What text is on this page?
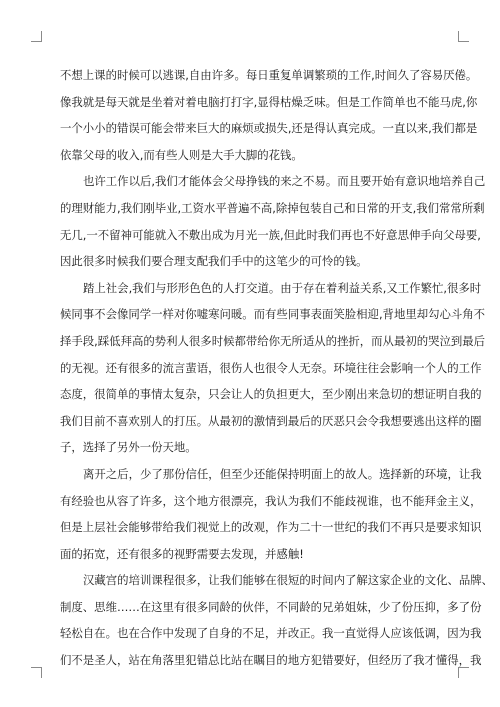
不想上课的时候可以逃课,自由许多。每日重复单调繁琐的工作,时间久了容易厌倦。
像我就是每天就是坐着对着电脑打打字,显得枯燥乏味。但是工作简单也不能马虎,你
一个小小的错误可能会带来巨大的麻烦或损失,还是得认真完成。一直以来,我们都是
依靠父母的收入,而有些人则是大手大脚的花钱。
也许工作以后,我们才能体会父母挣钱的来之不易。而且要开始有意识地培养自己
的理财能力,我们刚毕业,工资水平普遍不高,除掉包装自己和日常的开支,我们常常所剩
无几,一不留神可能就入不敷出成为月光一族,但此时我们再也不好意思伸手向父母要,
因此很多时候我们要合理支配我们手中的这笔少的可怜的钱。
踏上社会,我们与形形色色的人打交道。由于存在着利益关系,又工作繁忙,很多时
候同事不会像同学一样对你嘘寒问暖。而有些同事表面笑脸相迎,背地里却勾心斗角不
择手段,踩低拜高的势利人很多时候都带给你无所适从的挫折，而从最初的哭泣到最后
的无视。还有很多的流言蜚语，很伤人也很令人无奈。环境往往会影响一个人的工作
态度，很简单的事情太复杂，只会让人的负担更大，至少刚出来急切的想证明自我的
我们目前不喜欢别人的打压。从最初的激情到最后的厌恶只会令我想要逃出这样的圈
子，选择了另外一份天地。
离开之后，少了那份信任，但至少还能保持明面上的故人。选择新的环境，让我
有经验也从容了许多，这个地方很漂亮，我认为我们不能歧视谁，也不能拜金主义，
但是上层社会能够带给我们视觉上的改观，作为二十一世纪的我们不再只是要求知识
面的拓宽，还有很多的视野需要去发现，并感触!
汉藏宫的培训课程很多，让我们能够在很短的时间内了解这家企业的文化、品牌、
制度、思维……在这里有很多同龄的伙伴，不同龄的兄弟姐妹，少了份压抑，多了份
轻松自在。也在合作中发现了自身的不足，并改正。我一直觉得人应该低调，因为我
们不是圣人，站在角落里犯错总比站在瞩目的地方犯错要好，但经历了我才懂得，我
